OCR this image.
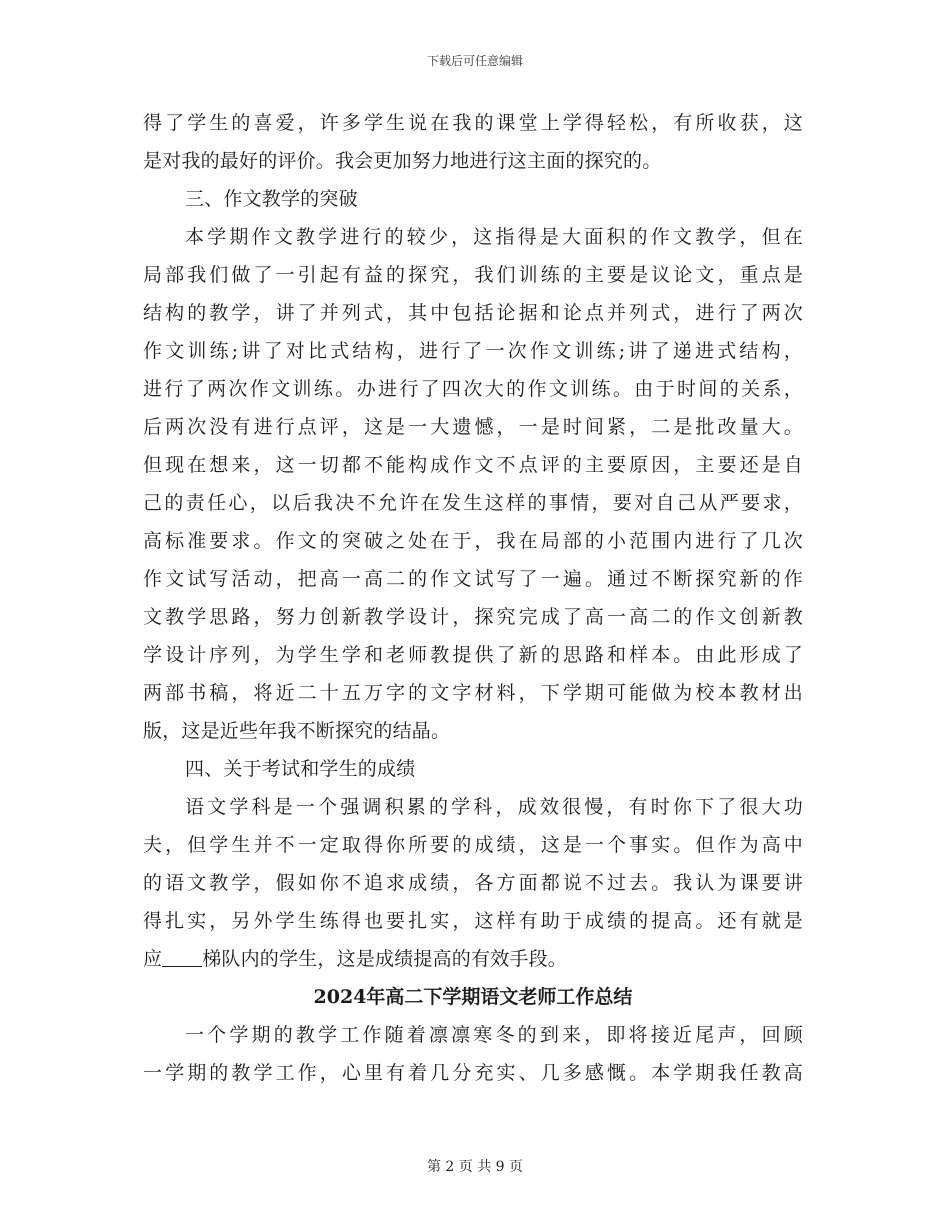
下载后可任意编辑
得了学生的喜爱，许多学生说在我的课堂上学得轻松，有所收获，这
是对我的最好的评价。我会更加努力地进行这主面的探究的。
三、作文教学的突破
本学期作文教学进行的较少，这指得是大面积的作文教学，但在
局部我们做了一引起有益的探究，我们训练的主要是议论文，重点是
结构的教学，讲了并列式，其中包括论据和论点并列式，进行了两次
作文训练;讲了对比式结构，进行了一次作文训练;讲了递进式结构，
进行了两次作文训练。办进行了四次大的作文训练。由于时间的关系，
后两次没有进行点评，这是一大遗憾，一是时间紧，二是批改量大。
但现在想来，这一切都不能构成作文不点评的主要原因，主要还是自
己的责任心，以后我决不允许在发生这样的事情，要对自己从严要求，
高标准要求。作文的突破之处在于，我在局部的小范围内进行了几次
作文试写活动，把高一高二的作文试写了一遍。通过不断探究新的作
文教学思路，努力创新教学设计，探究完成了高一高二的作文创新教
学设计序列，为学生学和老师教提供了新的思路和样本。由此形成了
两部书稿，将近二十五万字的文字材料，下学期可能做为校本教材出
版，这是近些年我不断探究的结晶。
四、关于考试和学生的成绩
语文学科是一个强调积累的学科，成效很慢，有时你下了很大功
夫，但学生并不一定取得你所要的成绩，这是一个事实。但作为高中
的语文教学，假如你不追求成绩，各方面都说不过去。我认为课要讲
得扎实，另外学生练得也要扎实，这样有助于成绩的提高。还有就是
应 梯队内的学生，这是成绩提高的有效手段。
2024年高二下学期语文老师工作总结
一个学期的教学工作随着凛凛寒冬的到来，即将接近尾声，回顾
一学期的教学工作，心里有着几分充实、几多感慨。本学期我任教高
第 2 页 共 9 页
